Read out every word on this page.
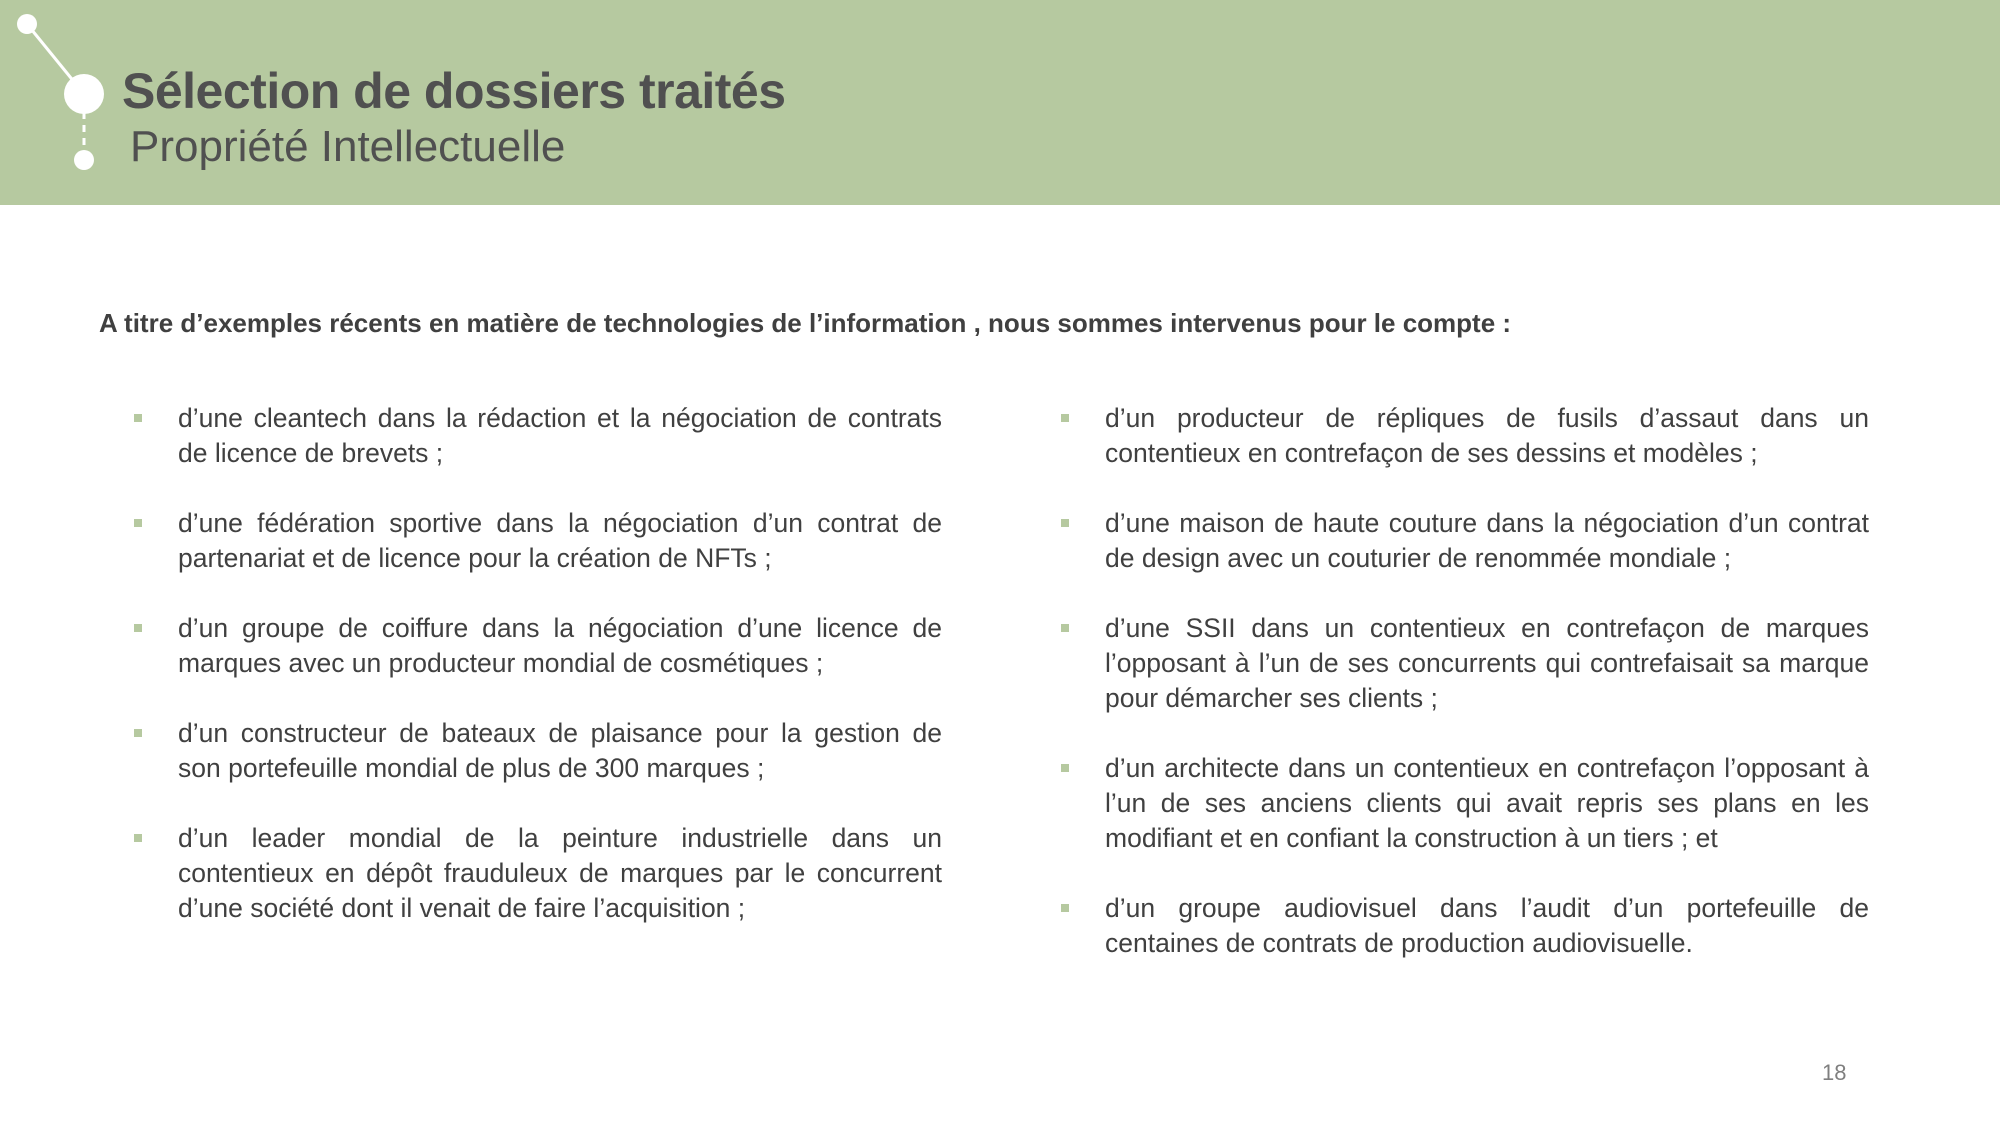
Sélection de dossiers traités
Propriété Intellectuelle
A titre d’exemples récents en matière de technologies de l’information , nous sommes intervenus pour le compte :
d’une cleantech dans la rédaction et la négociation de contrats de licence de brevets ;
d’une fédération sportive dans la négociation d’un contrat de partenariat et de licence pour la création de NFTs ;
d’un groupe de coiffure dans la négociation d’une licence de marques avec un producteur mondial de cosmétiques ;
d’un constructeur de bateaux de plaisance pour la gestion de son portefeuille mondial de plus de 300 marques ;
d’un leader mondial de la peinture industrielle dans un contentieux en dépôt frauduleux de marques par le concurrent d’une société dont il venait de faire l’acquisition ;
d’un producteur de répliques de fusils d’assaut dans un contentieux en contrefaçon de ses dessins et modèles ;
d’une maison de haute couture dans la négociation d’un contrat de design avec un couturier de renommée mondiale ;
d’une SSII dans un contentieux en contrefaçon de marques l’opposant à l’un de ses concurrents qui contrefaisait sa marque pour démarcher ses clients ;
d’un architecte dans un contentieux en contrefaçon l’opposant à l’un de ses anciens clients qui avait repris ses plans en les modifiant et en confiant la construction à un tiers ; et
d’un groupe audiovisuel dans l’audit d’un portefeuille de centaines de contrats de production audiovisuelle.
18
